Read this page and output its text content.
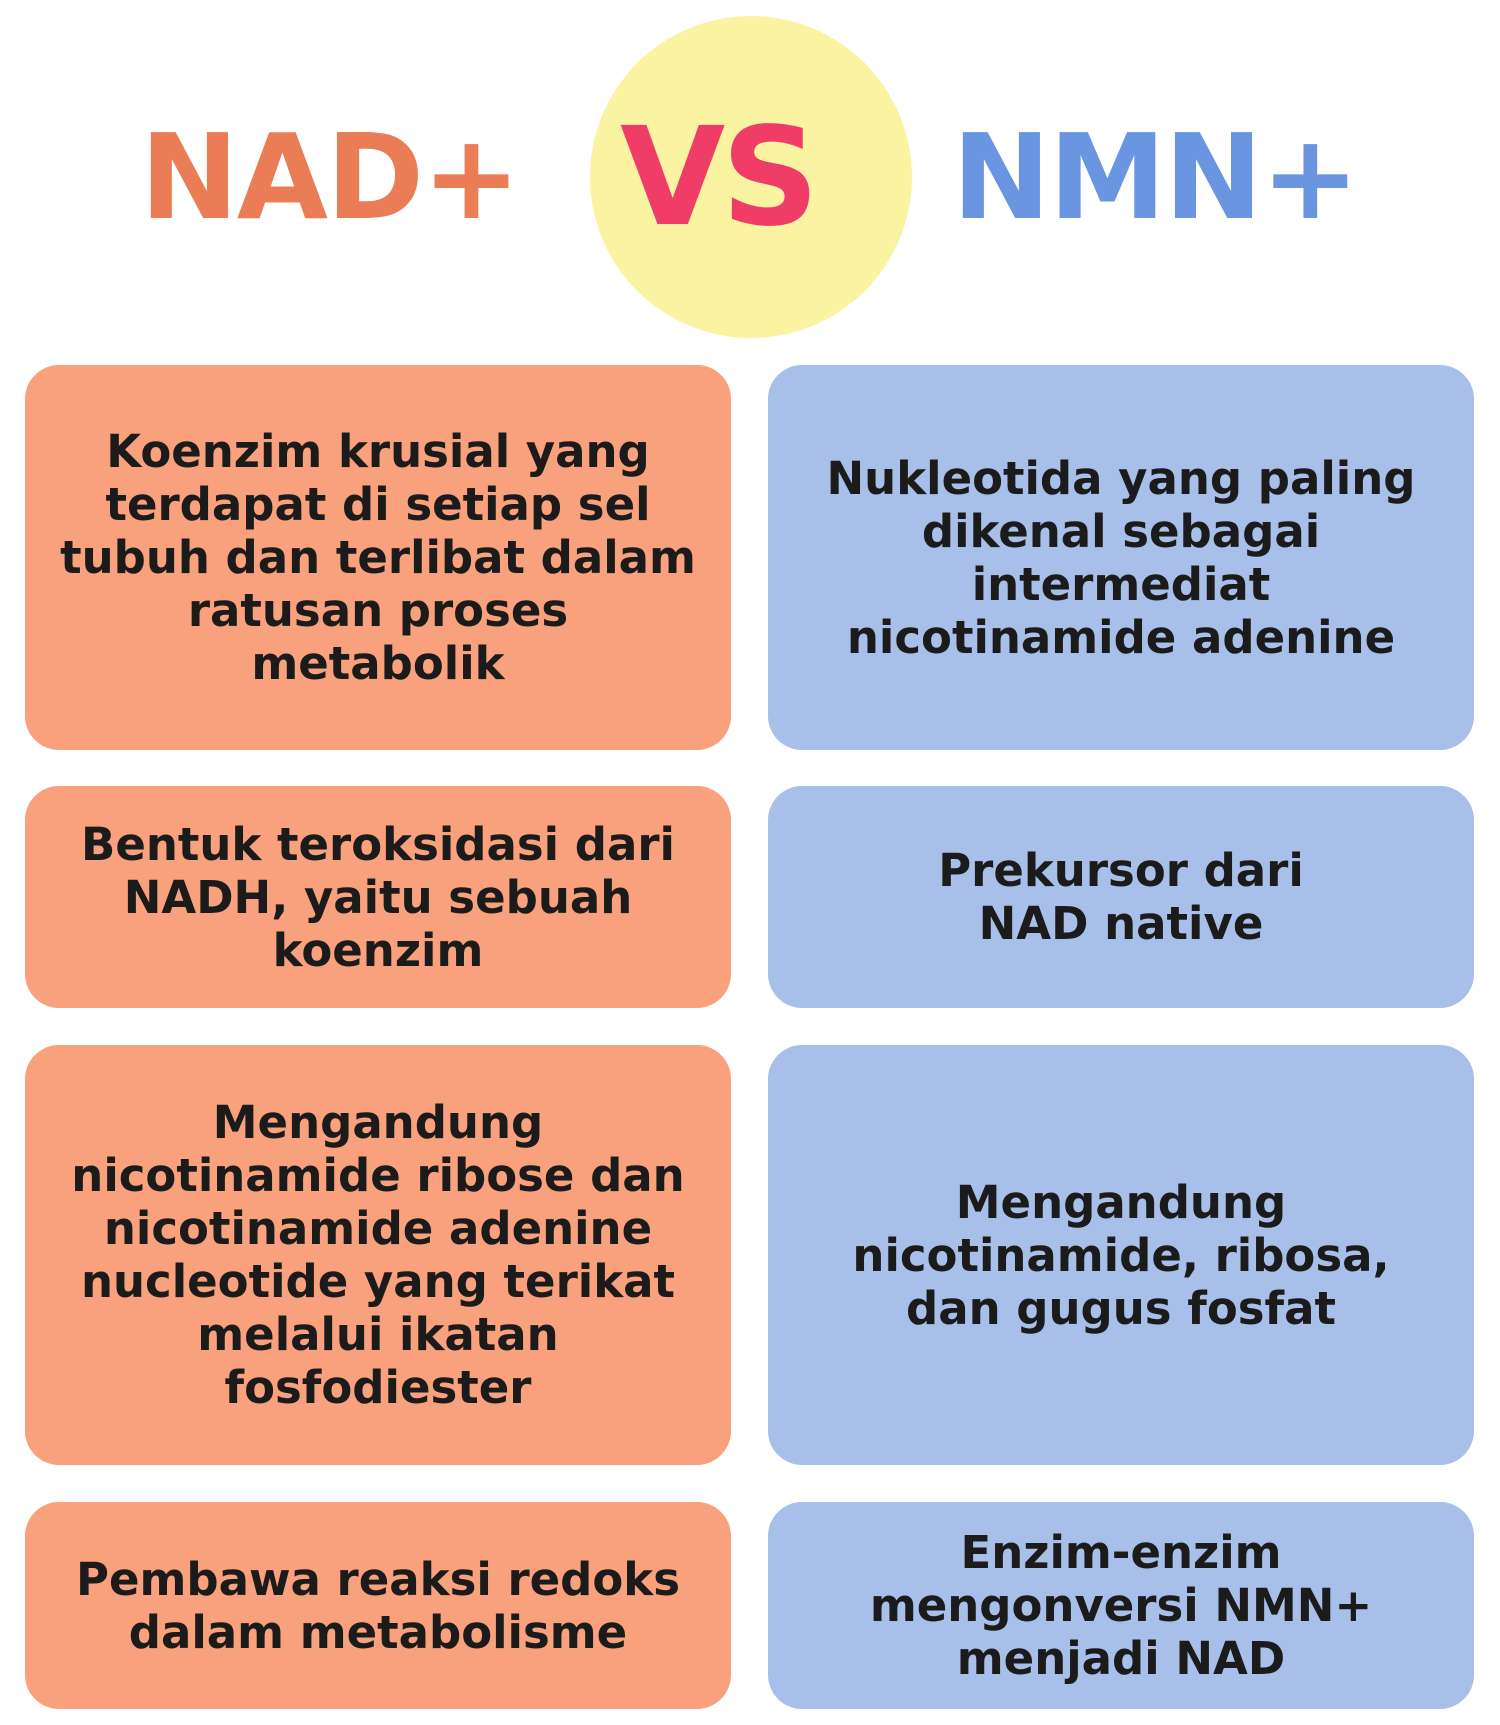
NAD+ VS NMN+
Koenzim krusial yang
terdapat di setiap sel
tubuh dan terlibat dalam
ratusan proses
metabolik
Nukleotida yang paling
dikenal sebagai
intermediat
nicotinamide adenine
Bentuk teroksidasi dari
NADH, yaitu sebuah
koenzim
Prekursor dari
NAD native
Mengandung
nicotinamide ribose dan
nicotinamide adenine
nucleotide yang terikat
melalui ikatan
fosfodiester
Mengandung
nicotinamide, ribosa,
dan gugus fosfat
Pembawa reaksi redoks
dalam metabolisme
Enzim-enzim
mengonversi NMN+
menjadi NAD
